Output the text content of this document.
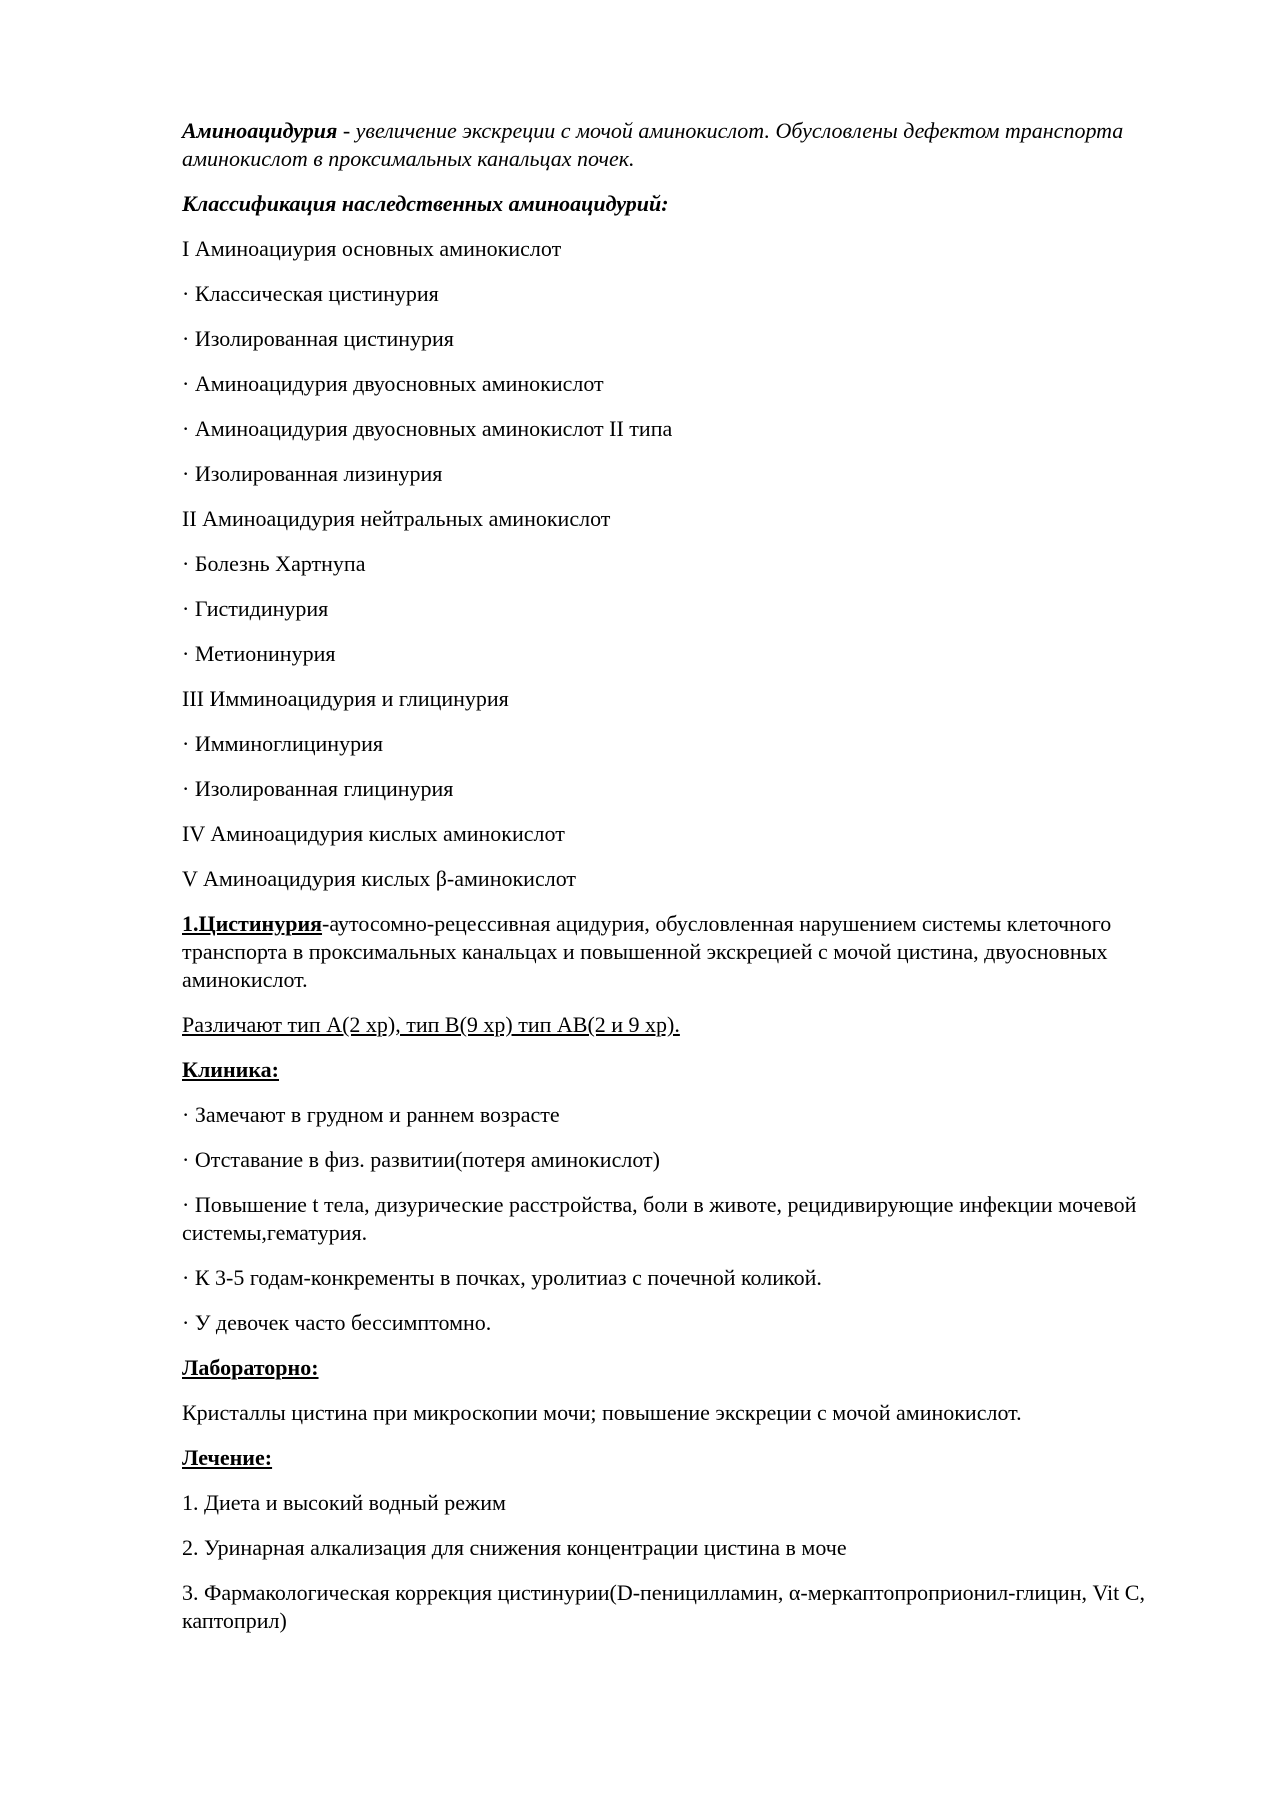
Аминоацидурия - увеличение экскреции с мочой аминокислот. Обусловлены дефектом транспорта аминокислот в проксимальных канальцах почек.

Классификация наследственных аминоацидурий:

I Аминоациурия основных аминокислот

· Классическая цистинурия

· Изолированная цистинурия

· Аминоацидурия двуосновных аминокислот

· Аминоацидурия двуосновных аминокислот II типа

· Изолированная лизинурия

II Аминоацидурия нейтральных аминокислот

· Болезнь Хартнупа

· Гистидинурия

· Метионинурия

III Имминоацидурия и глицинурия

· Имминоглицинурия

· Изолированная глицинурия

IV Аминоацидурия кислых аминокислот

V Аминоацидурия кислых β-аминокислот

1.Цистинурия-аутосомно-рецессивная ацидурия, обусловленная нарушением системы клеточного транспорта в проксимальных канальцах и повышенной экскрецией с мочой цистина, двуосновных аминокислот.

Различают тип A(2 хр), тип B(9 хр) тип AB(2 и 9 хр).

Клиника:

· Замечают в грудном и раннем возрасте

· Отставание в физ. развитии(потеря аминокислот)

· Повышение t тела, дизурические расстройства, боли в животе, рецидивирующие инфекции мочевой системы,гематурия.

· К 3-5 годам-конкременты в почках, уролитиаз с почечной коликой.

· У девочек часто бессимптомно.

Лабораторно:

Кристаллы цистина при микроскопии мочи; повышение экскреции с мочой аминокислот.

Лечение:

1. Диета и высокий водный режим

2. Уринарная алкализация для снижения концентрации цистина в моче

3. Фармакологическая коррекция цистинурии(D-пеницилламин, α-меркаптопроприонил-глицин, Vit C, каптоприл)
